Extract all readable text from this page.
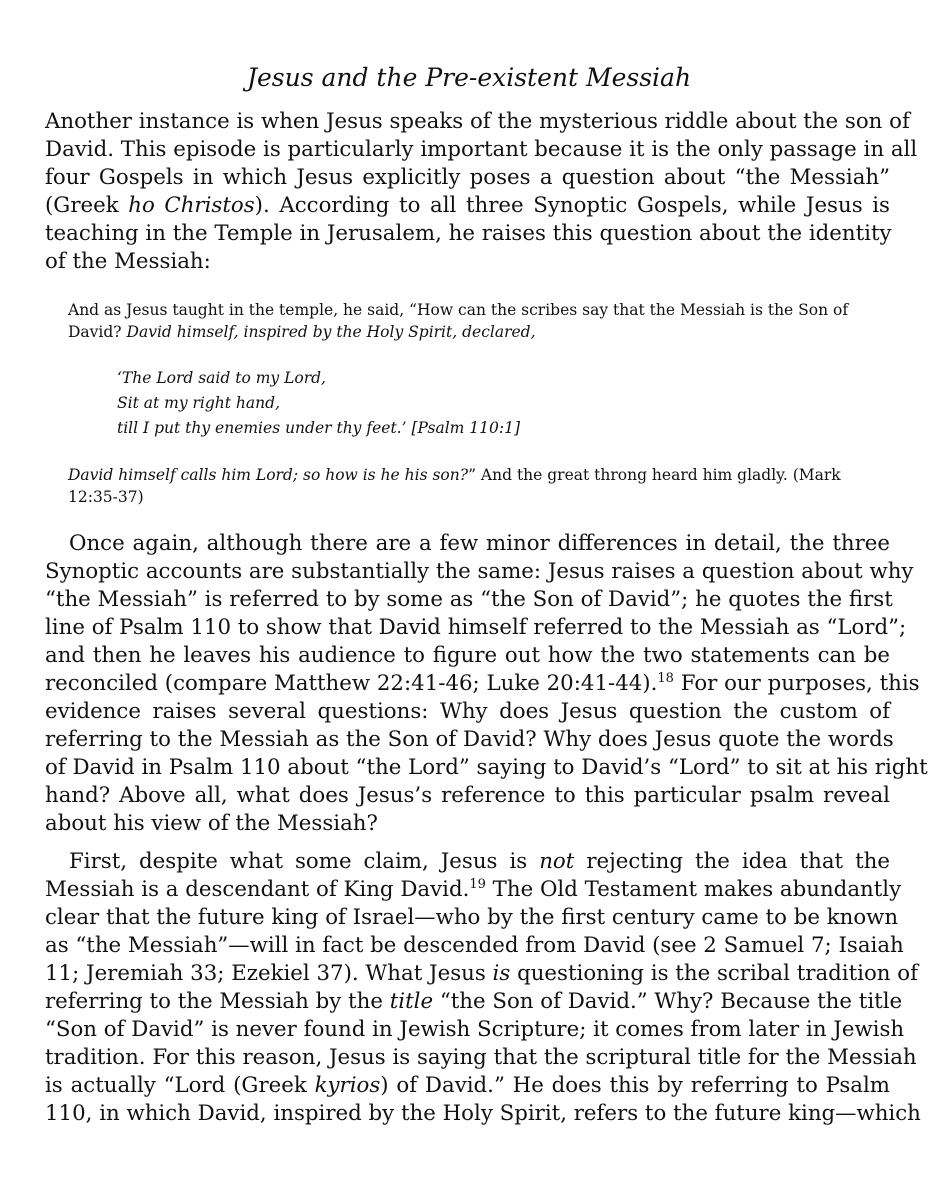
Jesus and the Pre-existent Messiah
Another instance is when Jesus speaks of the mysterious riddle about the son of
David. This episode is particularly important because it is the only passage in all
four Gospels in which Jesus explicitly poses a question about “the Messiah”
(Greek ho Christos). According to all three Synoptic Gospels, while Jesus is
teaching in the Temple in Jerusalem, he raises this question about the identity
of the Messiah:
And as Jesus taught in the temple, he said, “How can the scribes say that the Messiah is the Son of
David? David himself, inspired by the Holy Spirit, declared,
‘The Lord said to my Lord,
Sit at my right hand,
till I put thy enemies under thy feet.’ [Psalm 110:1]
David himself calls him Lord; so how is he his son?” And the great throng heard him gladly. (Mark
12:35-37)
Once again, although there are a few minor differences in detail, the three
Synoptic accounts are substantially the same: Jesus raises a question about why
“the Messiah” is referred to by some as “the Son of David”; he quotes the first
line of Psalm 110 to show that David himself referred to the Messiah as “Lord”;
and then he leaves his audience to figure out how the two statements can be
reconciled (compare Matthew 22:41-46; Luke 20:41-44).$^{18}$ For our purposes, this
evidence raises several questions: Why does Jesus question the custom of
referring to the Messiah as the Son of David? Why does Jesus quote the words
of David in Psalm 110 about “the Lord” saying to David’s “Lord” to sit at his right
hand? Above all, what does Jesus’s reference to this particular psalm reveal
about his view of the Messiah?
First, despite what some claim, Jesus is not rejecting the idea that the
Messiah is a descendant of King David.$^{19}$ The Old Testament makes abundantly
clear that the future king of Israel—who by the first century came to be known
as “the Messiah”—will in fact be descended from David (see 2 Samuel 7; Isaiah
11; Jeremiah 33; Ezekiel 37). What Jesus is questioning is the scribal tradition of
referring to the Messiah by the title “the Son of David.” Why? Because the title
“Son of David” is never found in Jewish Scripture; it comes from later in Jewish
tradition. For this reason, Jesus is saying that the scriptural title for the Messiah
is actually “Lord (Greek kyrios) of David.” He does this by referring to Psalm
110, in which David, inspired by the Holy Spirit, refers to the future king—which
